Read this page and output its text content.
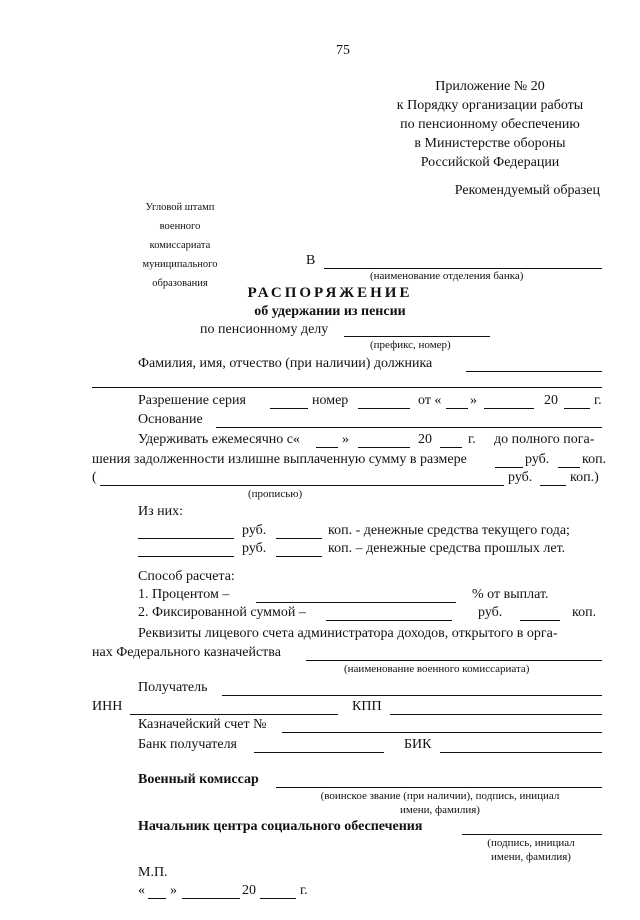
75
Приложение № 20
к Порядку организации работы
по пенсионному обеспечению
в Министерстве обороны
Российской Федерации
Рекомендуемый образец
Угловой штамп
военного
комиссариата
муниципального
образования
В
(наименование отделения банка)
РАСПОРЯЖЕНИЕ
об удержании из пенсии
по пенсионному делу
(префикс, номер)
Фамилия, имя, отчество (при наличии) должника
Разрешение серия	номер	от « »	20	г.
Основание
Удерживать ежемесячно с«	»	20	г. до полного пога-
шения задолженности излишне выплаченную сумму в размере	руб. коп.
(	руб.	коп.)
(прописью)
Из них:
руб.	коп. - денежные средства текущего года;
руб.	коп. – денежные средства прошлых лет.
Способ расчета:
1. Процентом –	% от выплат.
2. Фиксированной суммой –	руб.	коп.
Реквизиты лицевого счета администратора доходов, открытого в орга-
нах Федерального казначейства
(наименование военного комиссариата)
Получатель
ИНН	КПП
Казначейский счет №
Банк получателя	БИК
Военный комиссар
(воинское звание (при наличии), подпись, инициал
имени, фамилия)
Начальник центра социального обеспечения
(подпись, инициал
имени, фамилия)
М.П.
« »	20	г.
